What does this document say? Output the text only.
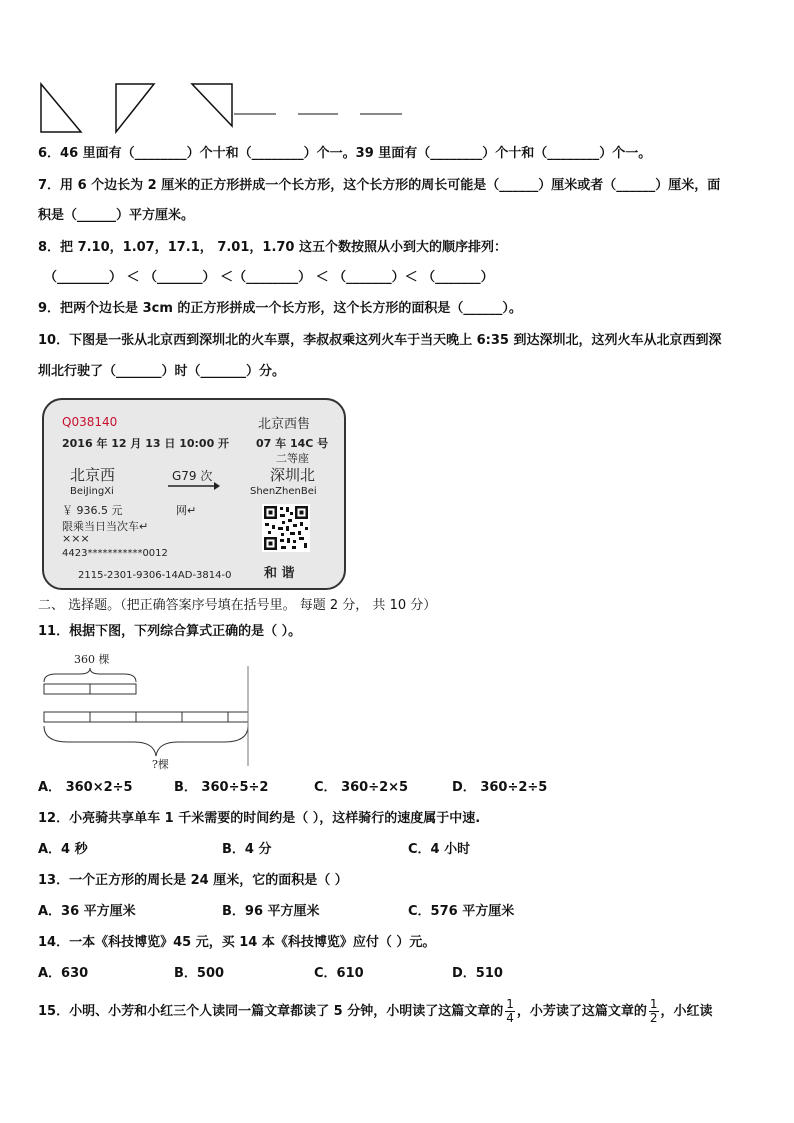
6．46 里面有（________）个十和（________）个一。39 里面有（________）个十和（________）个一。
7．用 6 个边长为 2 厘米的正方形拼成一个长方形，这个长方形的周长可能是（______）厘米或者（______）厘米，面
积是（______）平方厘米。
8．把 7.10，1.07，17.1， 7.01，1.70 这五个数按照从小到大的顺序排列：
（________） ＜ （_______） ＜（________） ＜ （_______）＜ （_______）
9．把两个边长是 3cm 的正方形拼成一个长方形，这个长方形的面积是（______）。
10．下图是一张从北京西到深圳北的火车票，李叔叔乘这列火车于当天晚上 6:35 到达深圳北，这列火车从北京西到深
圳北行驶了（_______）时（_______）分。
Q038140	北京西售
2016 年 12 月 13 日 10:00 开 07 车 14C 号
二等座
北京西	G79 次	深圳北
BeiJingXi	ShenZhenBei
￥ 936.5 元	网↵
限乘当日当次车↵
×××
4423***********0012
2115-2301-9306-14AD-3814-0	和 谐
二、 选择题。（把正确答案序号填在括号里。 每题 2 分， 共 10 分）
11．根据下图，下列综合算式正确的是（ ）。
360 棵
?棵
A． 360×2÷5	B． 360÷5÷2	C． 360÷2×5	D． 360÷2÷5
12．小亮骑共享单车 1 千米需要的时间约是（ ），这样骑行的速度属于中速.
A．4 秒	B．4 分	C．4 小时
13．一个正方形的周长是 24 厘米，它的面积是（ ）
A．36 平方厘米	B．96 平方厘米	C．576 平方厘米
14．一本《科技博览》45 元，买 14 本《科技博览》应付（ ）元。
A．630	B．500	C．610	D．510
15．小明、小芳和小红三个人读同一篇文章都读了 5 分钟，小明读了这篇文章的 $\frac{1}{4}$ ，小芳读了这篇文章的 $\frac{1}{2}$ ，小红读
